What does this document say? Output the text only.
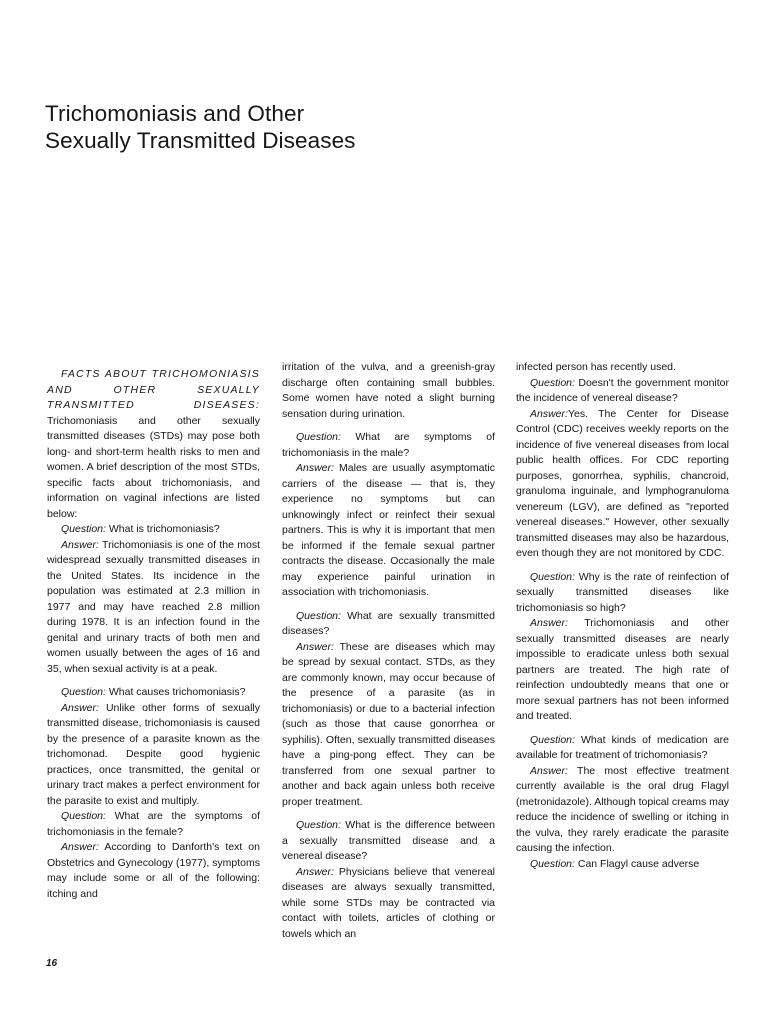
Trichomoniasis and Other
Sexually Transmitted Diseases

FACTS ABOUT TRICHOMONIASIS AND OTHER SEXUALLY TRANSMITTED DISEASES: Trichomoniasis and other sexually transmitted diseases (STDs) may pose both long- and short-term health risks to men and women. A brief description of the most STDs, specific facts about trichomoniasis, and information on vaginal infections are listed below:

Question: What is trichomoniasis?

Answer: Trichomoniasis is one of the most widespread sexually transmitted diseases in the United States. Its incidence in the population was estimated at 2.3 million in 1977 and may have reached 2.8 million during 1978. It is an infection found in the genital and urinary tracts of both men and women usually between the ages of 16 and 35, when sexual activity is at a peak.

Question: What causes trichomoniasis?

Answer: Unlike other forms of sexually transmitted disease, trichomoniasis is caused by the presence of a parasite known as the trichomonad. Despite good hygienic practices, once transmitted, the genital or urinary tract makes a perfect environment for the parasite to exist and multiply.

Question: What are the symptoms of trichomoniasis in the female?

Answer: According to Danforth's text on Obstetrics and Gynecology (1977), symptoms may include some or all of the following: itching and

irritation of the vulva, and a greenish-gray discharge often containing small bubbles. Some women have noted a slight burning sensation during urination.

Question: What are symptoms of trichomoniasis in the male?

Answer: Males are usually asymptomatic carriers of the disease — that is, they experience no symptoms but can unknowingly infect or reinfect their sexual partners. This is why it is important that men be informed if the female sexual partner contracts the disease. Occasionally the male may experience painful urination in association with trichomoniasis.

Question: What are sexually transmitted diseases?

Answer: These are diseases which may be spread by sexual contact. STDs, as they are commonly known, may occur because of the presence of a parasite (as in trichomoniasis) or due to a bacterial infection (such as those that cause gonorrhea or syphilis). Often, sexually transmitted diseases have a ping-pong effect. They can be transferred from one sexual partner to another and back again unless both receive proper treatment.

Question: What is the difference between a sexually transmitted disease and a venereal disease?

Answer: Physicians believe that venereal diseases are always sexually transmitted, while some STDs may be contracted via contact with toilets, articles of clothing or towels which an

infected person has recently used.

Question: Doesn't the government monitor the incidence of venereal disease?

Answer:Yes. The Center for Disease Control (CDC) receives weekly reports on the incidence of five venereal diseases from local public health offices. For CDC reporting purposes, gonorrhea, syphilis, chancroid, granuloma inguinale, and lymphogranuloma venereum (LGV), are defined as "reported venereal diseases." However, other sexually transmitted diseases may also be hazardous, even though they are not monitored by CDC.

Question: Why is the rate of reinfection of sexually transmitted diseases like trichomoniasis so high?

Answer: Trichomoniasis and other sexually transmitted diseases are nearly impossible to eradicate unless both sexual partners are treated. The high rate of reinfection undoubtedly means that one or more sexual partners has not been informed and treated.

Question: What kinds of medication are available for treatment of trichomoniasis?

Answer: The most effective treatment currently available is the oral drug Flagyl (metronidazole). Although topical creams may reduce the incidence of swelling or itching in the vulva, they rarely eradicate the parasite causing the infection.

Question: Can Flagyl cause adverse

16
